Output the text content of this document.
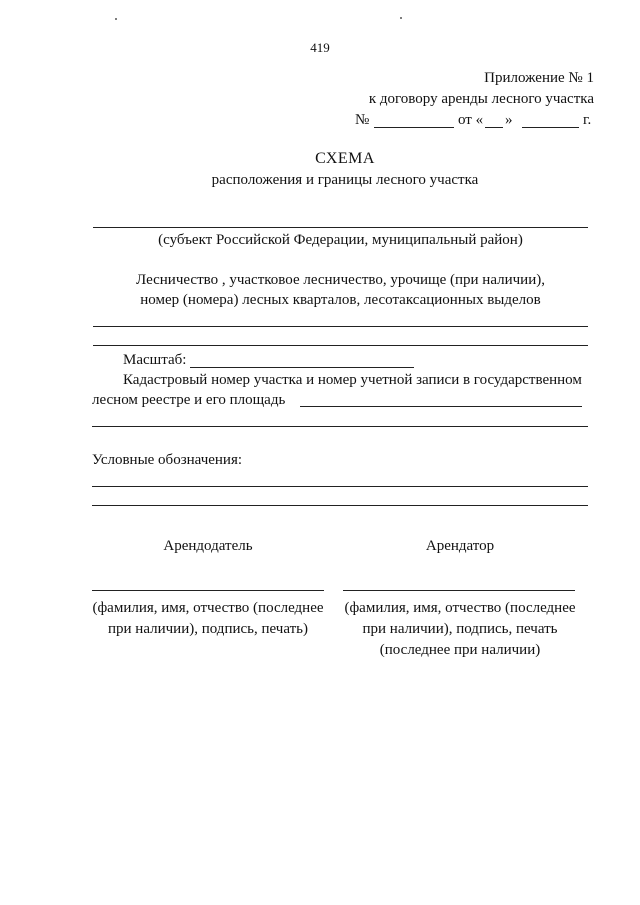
419
Приложение № 1
к договору аренды лесного участка
№	от « »	г.
СХЕМА
расположения и границы лесного участка
(субъект Российской Федерации, муниципальный район)
Лесничество , участковое лесничество, урочище (при наличии),
номер (номера) лесных кварталов, лесотаксационных выделов
Масштаб:
Кадастровый номер участка и номер учетной записи в государственном
лесном реестре и его площадь
Условные обозначения:
Арендодатель	Арендатор
(фамилия, имя, отчество (последнее при наличии), подпись, печать)
(фамилия, имя, отчество (последнее при наличии), подпись, печать (последнее при наличии)
